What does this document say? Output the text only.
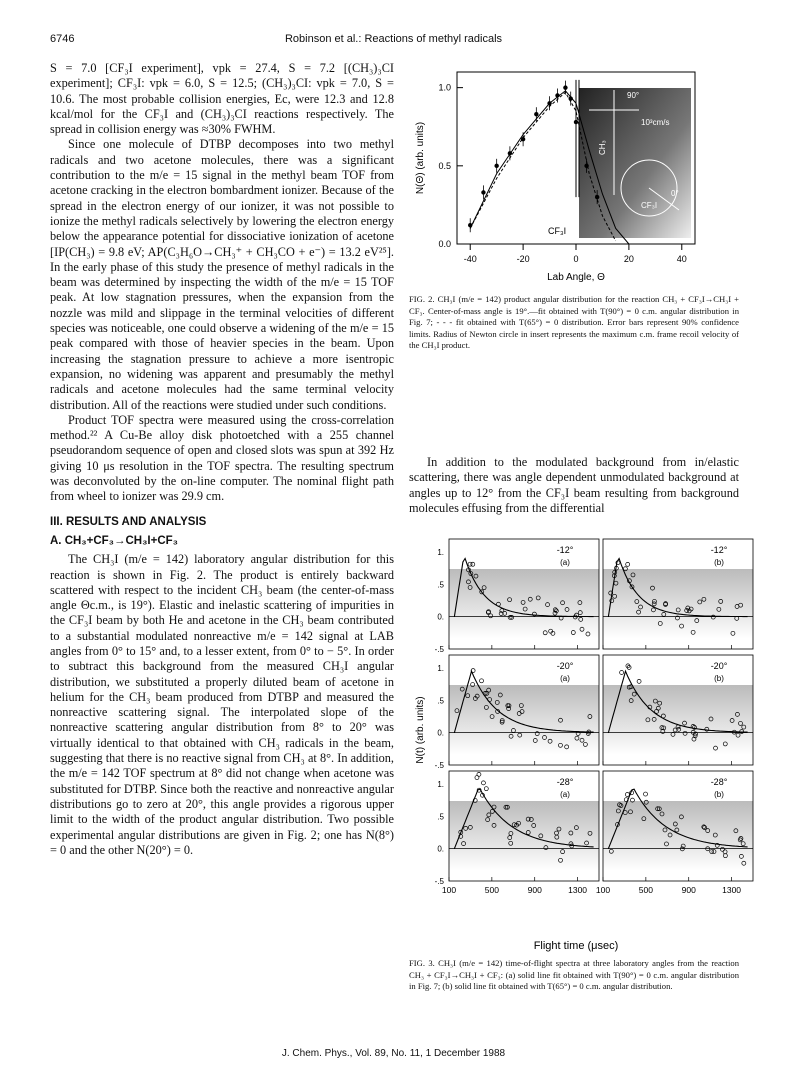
6746	Robinson et al.: Reactions of methyl radicals

S = 7.0 [CF₃I experiment], vpk = 27.4, S = 7.2 [(CH₃)₃CI experiment]; CF₃I: vpk = 6.0, S = 12.5; (CH₃)₃CI: vpk = 7.0, S = 10.6. The most probable collision energies, Ec, were 12.3 and 12.8 kcal/mol for the CF₃I and (CH₃)₃CI reactions respectively. The spread in collision energy was ≈30% FWHM.

Since one molecule of DTBP decomposes into two methyl radicals and two acetone molecules, there was a significant contribution to the m/e = 15 signal in the methyl beam TOF from acetone cracking in the electron bombardment ionizer. Because of the spread in the electron energy of our ionizer, it was not possible to ionize the methyl radicals selectively by lowering the electron energy below the appearance potential for dissociative ionization of acetone [IP(CH₃) = 9.8 eV; AP(C₃H₆O→CH₃⁺ + CH₃CO + e⁻) = 13.2 eV²⁵]. In the early phase of this study the presence of methyl radicals in the beam was determined by inspecting the width of the m/e = 15 TOF peak. At low stagnation pressures, when the expansion from the nozzle was mild and slippage in the terminal velocities of different species was noticeable, one could observe a widening of the m/e = 15 peak compared with those of heavier species in the beam. Upon increasing the stagnation pressure to achieve a more isentropic expansion, no widening was apparent and presumably the methyl radicals and acetone molecules had the same terminal velocity distribution. All of the reactions were studied under such conditions.

Product TOF spectra were measured using the cross-correlation method.²² A Cu-Be alloy disk photoetched with a 255 channel pseudorandom sequence of open and closed slots was spun at 392 Hz giving 10 μs resolution in the TOF spectra. The resulting spectrum was deconvoluted by the on-line computer. The nominal flight path from wheel to ionizer was 29.9 cm.

III. RESULTS AND ANALYSIS
A. CH₃+CF₃→CH₃I+CF₃

The CH₃I (m/e = 142) laboratory angular distribution for this reaction is shown in Fig. 2. The product is entirely backward scattered with respect to the incident CH₃ beam (the center-of-mass angle Θc.m., is 19°). Elastic and inelastic scattering of impurities in the CF₃I beam by both He and acetone in the CH₃ beam contributed to a substantial modulated nonreactive m/e = 142 signal at LAB angles from 0° to 15° and, to a lesser extent, from 0° to − 5°. In order to subtract this background from the measured CH₃I angular distribution, we substituted a properly diluted beam of acetone in helium for the CH₃ beam produced from DTBP and measured the nonreactive scattering signal. The interpolated slope of the nonreactive scattering angular distribution from 8° to 20° was virtually identical to that obtained with CH₃ radicals in the beam, suggesting that there is no reactive signal from CH₃ at 8°. In addition, the m/e = 142 TOF spectrum at 8° did not change when acetone was substituted for DTBP. Since both the reactive and nonreactive angular distributions go to zero at 20°, this angle provides a rigorous upper limit to the width of the product angular distribution. Two possible experimental angular distributions are given in Fig. 2; one has N(8°) = 0 and the other N(20°) = 0.

90°
10³cm/s
CH₃
0°
CF₃I
0.0
0.5
1.0
-40	-20	0	20	40
CF₃I
N(Θ) (arb. units)
Lab Angle, Θ
FIG. 2. CH₃I (m/e = 142) product angular distribution for the reaction CH₃ + CF₃I→CH₃I + CF₃. Center-of-mass angle is 19°.—fit obtained with T(90°) = 0 c.m. angular distribution in Fig. 7; - - - fit obtained with T(65°) = 0 distribution. Error bars represent 90% confidence limits. Radius of Newton circle in insert represents the maximum c.m. frame recoil velocity of the CH₃I product.
In addition to the modulated background from in/elastic scattering, there was angle dependent unmodulated background at angles up to 12° from the CF₃I beam resulting from background molecules effusing from the differential
-12°
(a)
1.
.5
0.
-.5
-12°
(b)
-20°
(a)
1.
.5
0.
-.5
-20°
(b)
-28°
(a)
1.
.5
0.
-.5
100	500	900	1300
-28°
(b)
100	500	900	1300
N(t) (arb. units)
Flight time (μsec)
FIG. 3. CH₃I (m/e = 142) time-of-flight spectra at three laboratory angles from the reaction CH₃ + CF₃I→CH₃I + CF₃: (a) solid line fit obtained with T(90°) = 0 c.m. angular distribution in Fig. 7; (b) solid line fit obtained with T(65°) = 0 c.m. angular distribution.
J. Chem. Phys., Vol. 89, No. 11, 1 December 1988
